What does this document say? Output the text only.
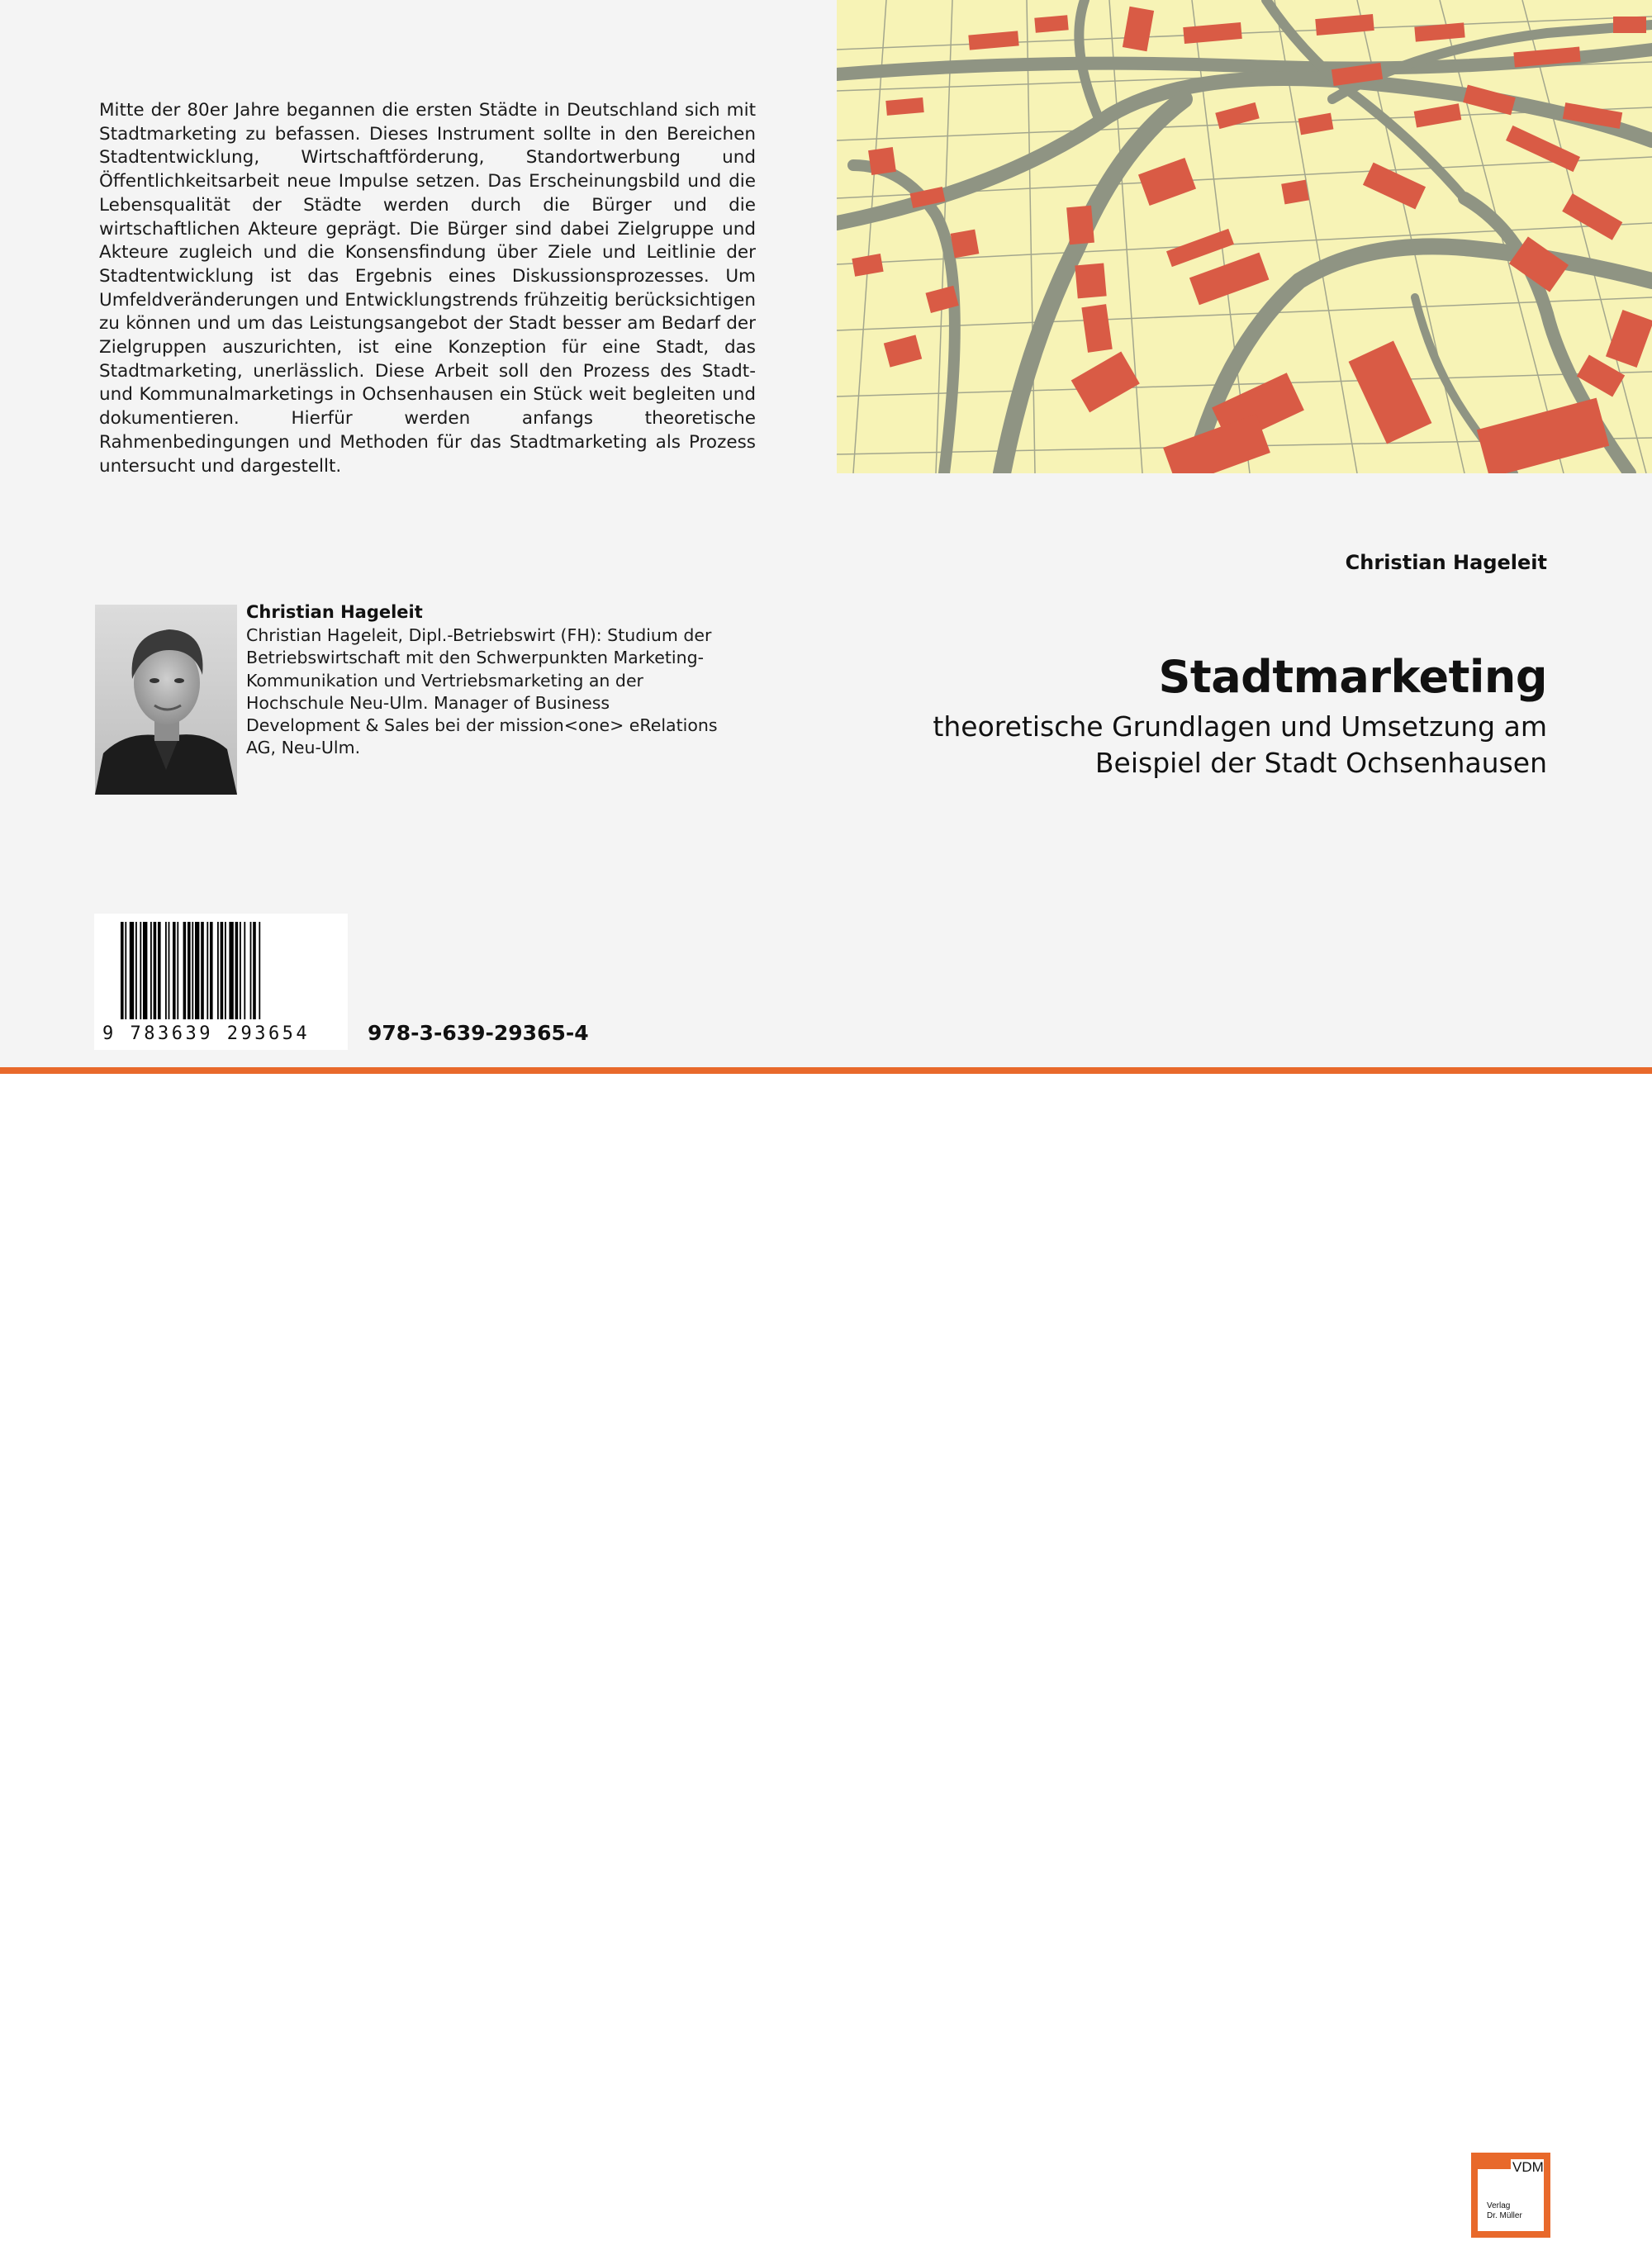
Mitte der 80er Jahre begannen die ersten Städte in Deutschland sich mit Stadtmarketing zu befassen. Dieses Instrument sollte in den Bereichen Stadtentwicklung, Wirtschaftförderung, Standortwerbung und Öffentlichkeitsarbeit neue Impulse setzen. Das Erscheinungsbild und die Lebensqualität der Städte werden durch die Bürger und die wirtschaftlichen Akteure geprägt. Die Bürger sind dabei Zielgruppe und Akteure zugleich und die Konsensfindung über Ziele und Leitlinie der Stadtentwicklung ist das Ergebnis eines Diskussionsprozesses. Um Umfeldveränderungen und Entwicklungstrends frühzeitig berücksichtigen zu können und um das Leistungsangebot der Stadt besser am Bedarf der Zielgruppen auszurichten, ist eine Konzeption für eine Stadt, das Stadtmarketing, unerlässlich. Diese Arbeit soll den Prozess des Stadt- und Kommunalmarketings in Ochsenhausen ein Stück weit begleiten und dokumentieren. Hierfür werden anfangs theoretische Rahmenbedingungen und Methoden für das Stadtmarketing als Prozess untersucht und dargestellt.
Christian Hageleit
Stadtmarketing
theoretische Grundlagen und Umsetzung am
Beispiel der Stadt Ochsenhausen
Christian Hageleit
Christian Hageleit, Dipl.-Betriebswirt (FH): Studium der Betriebswirtschaft mit den Schwerpunkten Marketing-Kommunikation und Vertriebsmarketing an der Hochschule Neu-Ulm. Manager of Business Development & Sales bei der mission<one> eRelations AG, Neu-Ulm.
9 783639 293654	978-3-639-29365-4
VDM
Verlag
Dr. Müller
